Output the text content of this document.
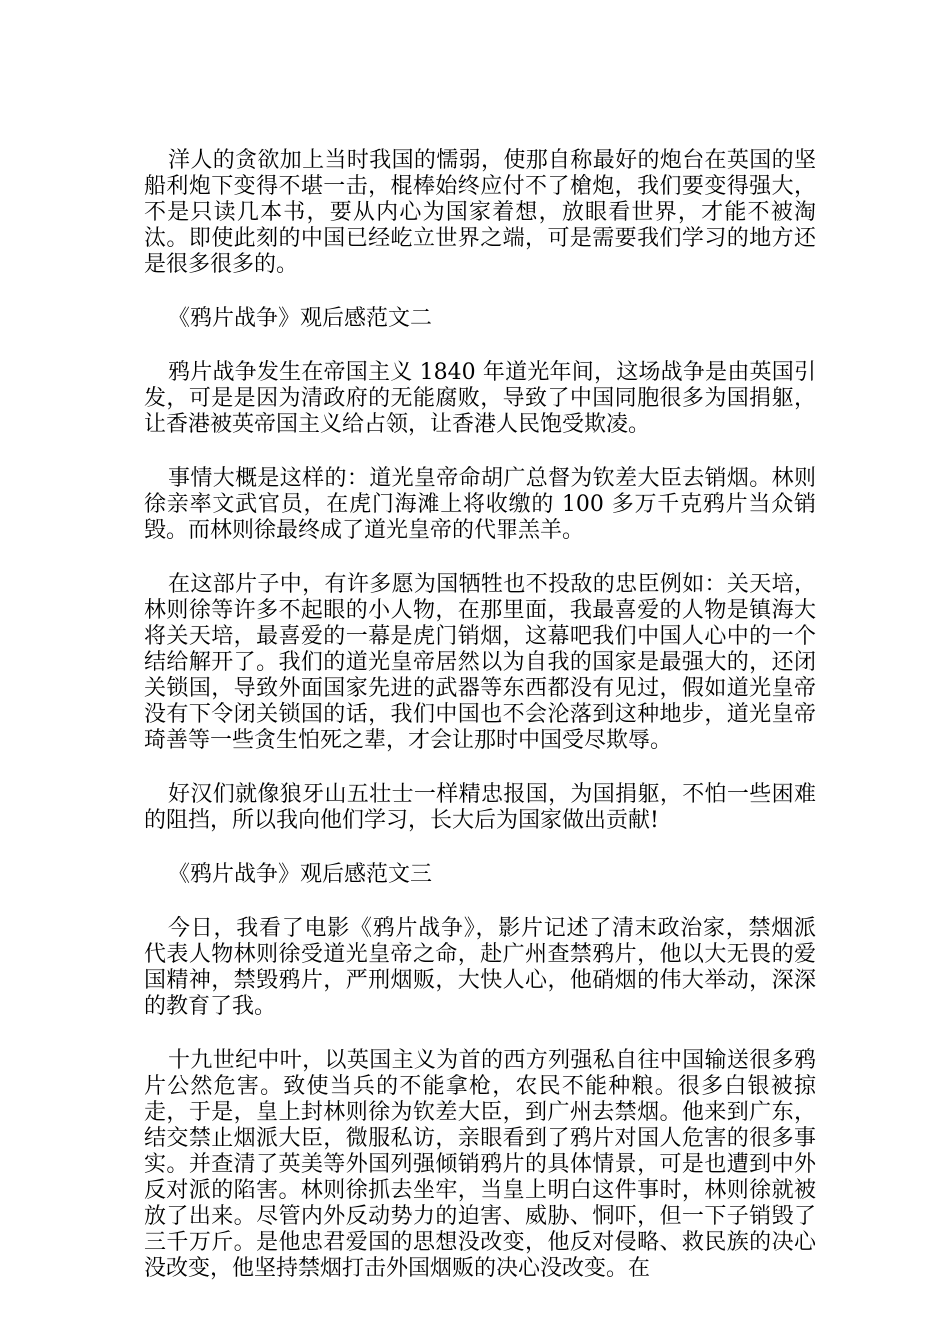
洋人的贪欲加上当时我国的懦弱，使那自称最好的炮台在英国的坚船利炮下变得不堪一击，棍棒始终应付不了槍炮，我们要变得强大，不是只读几本书，要从内心为国家着想，放眼看世界，才能不被淘汰。即使此刻的中国已经屹立世界之端，可是需要我们学习的地方还是很多很多的。

《鸦片战争》观后感范文二

鸦片战争发生在帝国主义 1840 年道光年间，这场战争是由英国引发，可是是因为清政府的无能腐败，导致了中国同胞很多为国捐躯，让香港被英帝国主义给占领，让香港人民饱受欺凌。

事情大概是这样的：道光皇帝命胡广总督为钦差大臣去销烟。林则徐亲率文武官员，在虎门海滩上将收缴的 100 多万千克鸦片当众销毁。而林则徐最终成了道光皇帝的代罪羔羊。

在这部片子中，有许多愿为国牺牲也不投敌的忠臣例如：关天培，林则徐等许多不起眼的小人物，在那里面，我最喜爱的人物是镇海大将关天培，最喜爱的一幕是虎门销烟，这幕吧我们中国人心中的一个结给解开了。我们的道光皇帝居然以为自我的国家是最强大的，还闭关锁国，导致外面国家先进的武器等东西都没有见过，假如道光皇帝没有下令闭关锁国的话，我们中国也不会沦落到这种地步，道光皇帝琦善等一些贪生怕死之辈，才会让那时中国受尽欺辱。

好汉们就像狼牙山五壮士一样精忠报国，为国捐躯，不怕一些困难的阻挡，所以我向他们学习，长大后为国家做出贡献!

《鸦片战争》观后感范文三

今日，我看了电影《鸦片战争》，影片记述了清末政治家，禁烟派代表人物林则徐受道光皇帝之命，赴广州查禁鸦片，他以大无畏的爱国精神，禁毁鸦片，严刑烟贩，大快人心，他硝烟的伟大举动，深深的教育了我。

十九世纪中叶，以英国主义为首的西方列强私自往中国输送很多鸦片公然危害。致使当兵的不能拿枪，农民不能种粮。很多白银被掠走，于是，皇上封林则徐为钦差大臣，到广州去禁烟。他来到广东，结交禁止烟派大臣，微服私访，亲眼看到了鸦片对国人危害的很多事实。并查清了英美等外国列强倾销鸦片的具体情景，可是也遭到中外反对派的陷害。林则徐抓去坐牢，当皇上明白这件事时，林则徐就被放了出来。尽管内外反动势力的迫害、威胁、恫吓，但一下子销毁了三千万斤。是他忠君爱国的思想没改变，他反对侵略、救民族的决心没改变，他坚持禁烟打击外国烟贩的决心没改变。在
